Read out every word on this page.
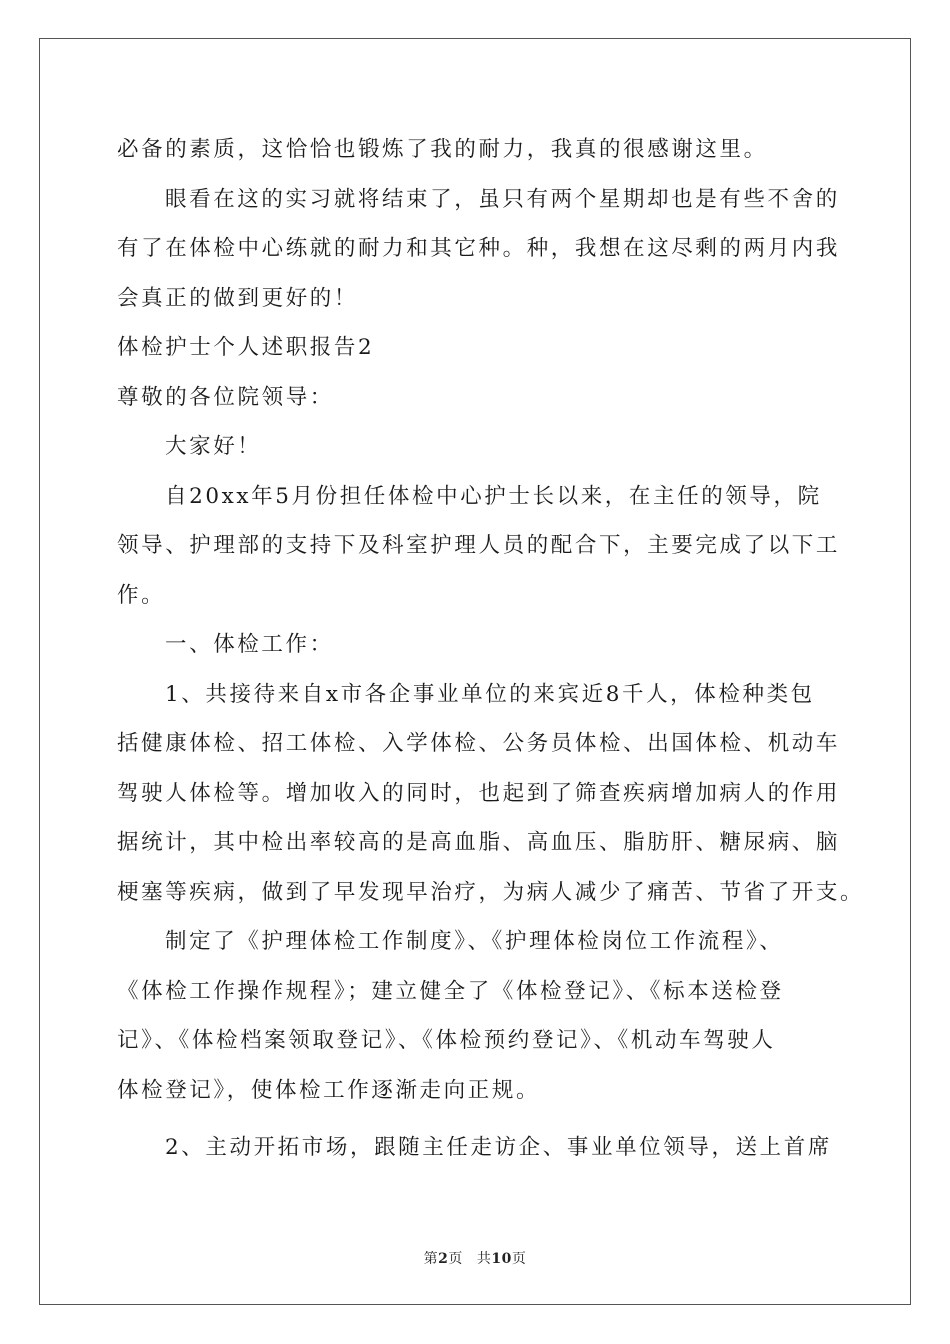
必备的素质，这恰恰也锻炼了我的耐力，我真的很感谢这里。
眼看在这的实习就将结束了，虽只有两个星期却也是有些不舍的
有了在体检中心练就的耐力和其它种。种，我想在这尽剩的两月内我
会真正的做到更好的！
体检护士个人述职报告2
尊敬的各位院领导：
大家好！
自20xx年5月份担任体检中心护士长以来，在主任的领导，院
领导、护理部的支持下及科室护理人员的配合下，主要完成了以下工
作。
一、体检工作：
1、共接待来自x市各企事业单位的来宾近8千人，体检种类包
括健康体检、招工体检、入学体检、公务员体检、出国体检、机动车
驾驶人体检等。增加收入的同时，也起到了筛查疾病增加病人的作用
据统计，其中检出率较高的是高血脂、高血压、脂肪肝、糖尿病、脑
梗塞等疾病，做到了早发现早治疗，为病人减少了痛苦、节省了开支。
制定了《护理体检工作制度》、《护理体检岗位工作流程》、
《体检工作操作规程》；建立健全了《体检登记》、《标本送检登
记》、《体检档案领取登记》、《体检预约登记》、《机动车驾驶人
体检登记》，使体检工作逐渐走向正规。
2、主动开拓市场，跟随主任走访企、事业单位领导，送上首席
第2页 共10页
